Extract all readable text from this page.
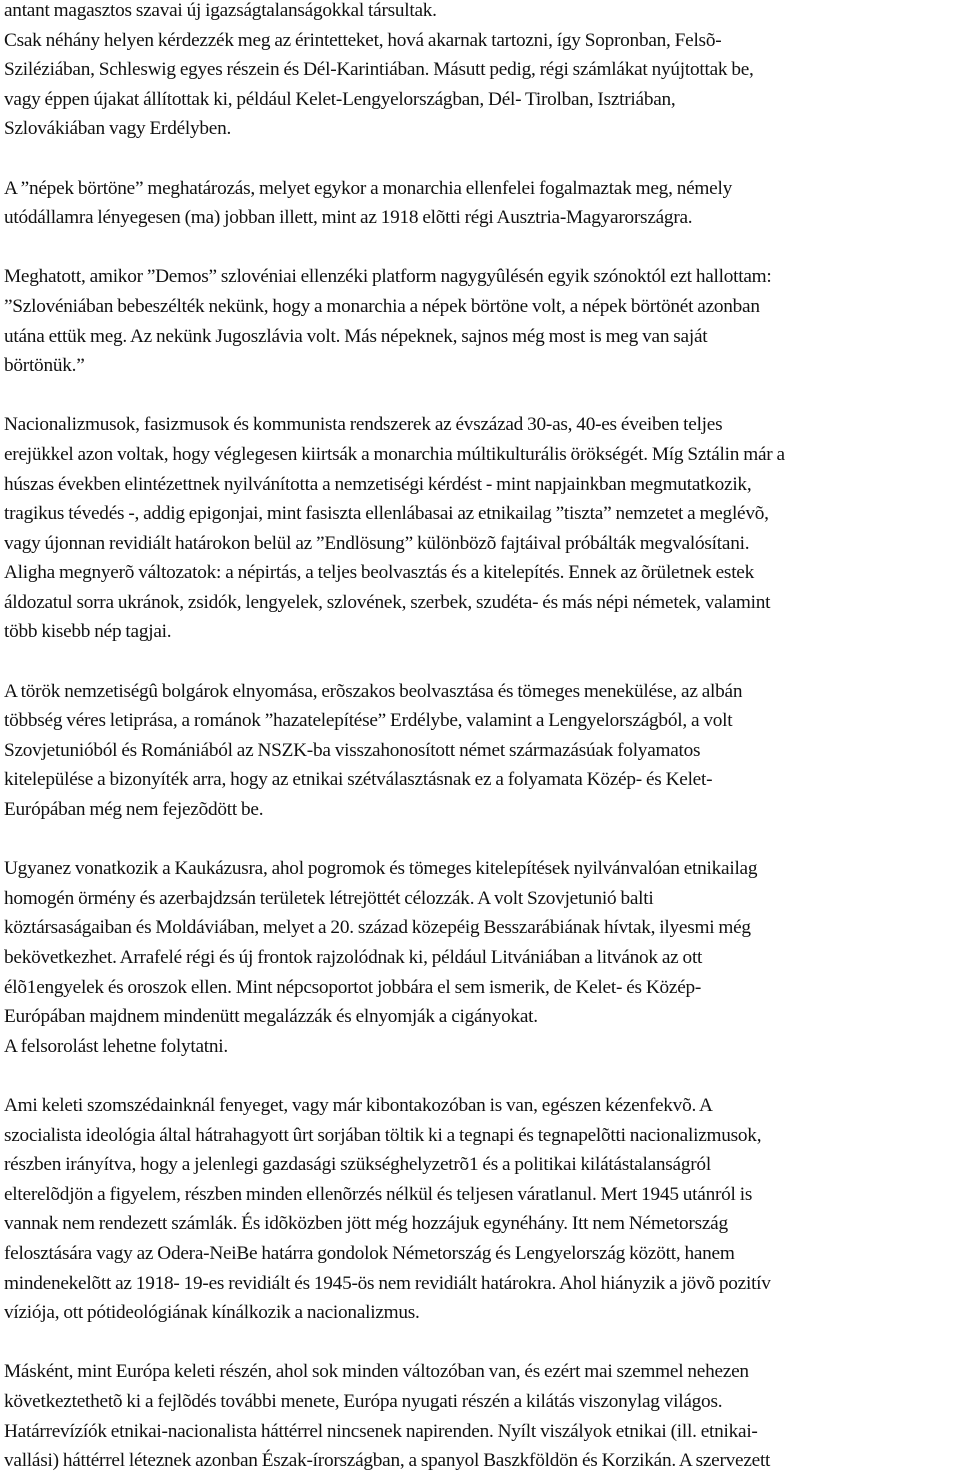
antant magasztos szavai új igazságtalanságokkal társultak.
Csak néhány helyen kérdezzék meg az érintetteket, hová akarnak tartozni, így Sopronban, Felsõ-
Sziléziában, Schleswig egyes részein és Dél-Karintiában. Másutt pedig, régi számlákat nyújtottak be,
vagy éppen újakat állítottak ki, például Kelet-Lengyelországban, Dél- Tirolban, Isztriában,
Szlovákiában vagy Erdélyben.
A ”népek börtöne” meghatározás, melyet egykor a monarchia ellenfelei fogalmaztak meg, némely
utódállamra lényegesen (ma) jobban illett, mint az 1918 elõtti régi Ausztria-Magyarországra.
Meghatott, amikor ”Demos” szlovéniai ellenzéki platform nagygyûlésén egyik szónoktól ezt hallottam:
”Szlovéniában bebeszélték nekünk, hogy a monarchia a népek börtöne volt, a népek börtönét azonban
utána ettük meg. Az nekünk Jugoszlávia volt. Más népeknek, sajnos még most is meg van saját
börtönük.”
Nacionalizmusok, fasizmusok és kommunista rendszerek az évszázad 30-as, 40-es éveiben teljes
erejükkel azon voltak, hogy véglegesen kiirtsák a monarchia múltikulturális örökségét. Míg Sztálin már a
húszas években elintézettnek nyilvánította a nemzetiségi kérdést - mint napjainkban megmutatkozik,
tragikus tévedés -, addig epigonjai, mint fasiszta ellenlábasai az etnikailag ”tiszta” nemzetet a meglévõ,
vagy újonnan revidiált határokon belül az ”Endlösung” különbözõ fajtáival próbálták megvalósítani.
Aligha megnyerõ változatok: a népirtás, a teljes beolvasztás és a kitelepítés. Ennek az õrületnek estek
áldozatul sorra ukránok, zsidók, lengyelek, szlovének, szerbek, szudéta- és más népi németek, valamint
több kisebb nép tagjai.
A török nemzetiségû bolgárok elnyomása, erõszakos beolvasztása és tömeges menekülése, az albán
többség véres letiprása, a románok ”hazatelepítése” Erdélybe, valamint a Lengyelországból, a volt
Szovjetunióból és Romániából az NSZK-ba visszahonosított német származásúak folyamatos
kitelepülése a bizonyíték arra, hogy az etnikai szétválasztásnak ez a folyamata Közép- és Kelet-
Európában még nem fejezõdött be.
Ugyanez vonatkozik a Kaukázusra, ahol pogromok és tömeges kitelepítések nyilvánvalóan etnikailag
homogén örmény és azerbajdzsán területek létrejöttét célozzák. A volt Szovjetunió balti
köztársaságaiban és Moldáviában, melyet a 20. század közepéig Besszarábiának hívtak, ilyesmi még
bekövetkezhet. Arrafelé régi és új frontok rajzolódnak ki, például Litvániában a litvánok az ott
élõ1engyelek és oroszok ellen. Mint népcsoportot jobbára el sem ismerik, de Kelet- és Közép-
Európában majdnem mindenütt megalázzák és elnyomják a cigányokat.
A felsorolást lehetne folytatni.
Ami keleti szomszédainknál fenyeget, vagy már kibontakozóban is van, egészen kézenfekvõ. A
szocialista ideológia által hátrahagyott ûrt sorjában töltik ki a tegnapi és tegnapelõtti nacionalizmusok,
részben irányítva, hogy a jelenlegi gazdasági szükséghelyzetrõ1 és a politikai kilátástalanságról
elterelõdjön a figyelem, részben minden ellenõrzés nélkül és teljesen váratlanul. Mert 1945 utánról is
vannak nem rendezett számlák. És idõközben jött még hozzájuk egynéhány. Itt nem Németország
felosztására vagy az Odera-NeiBe határra gondolok Németország és Lengyelország között, hanem
mindenekelõtt az 1918- 19-es revidiált és 1945-ös nem revidiált határokra. Ahol hiányzik a jövõ pozitív
víziója, ott pótideológiának kínálkozik a nacionalizmus.
Másként, mint Európa keleti részén, ahol sok minden változóban van, és ezért mai szemmel nehezen
következtethetõ ki a fejlõdés további menete, Európa nyugati részén a kilátás viszonylag világos.
Határrevízíók etnikai-nacionalista háttérrel nincsenek napirenden. Nyílt viszályok etnikai (ill. etnikai-
vallási) háttérrel léteznek azonban Észak-írországban, a spanyol Baszkföldön és Korzikán. A szervezett
